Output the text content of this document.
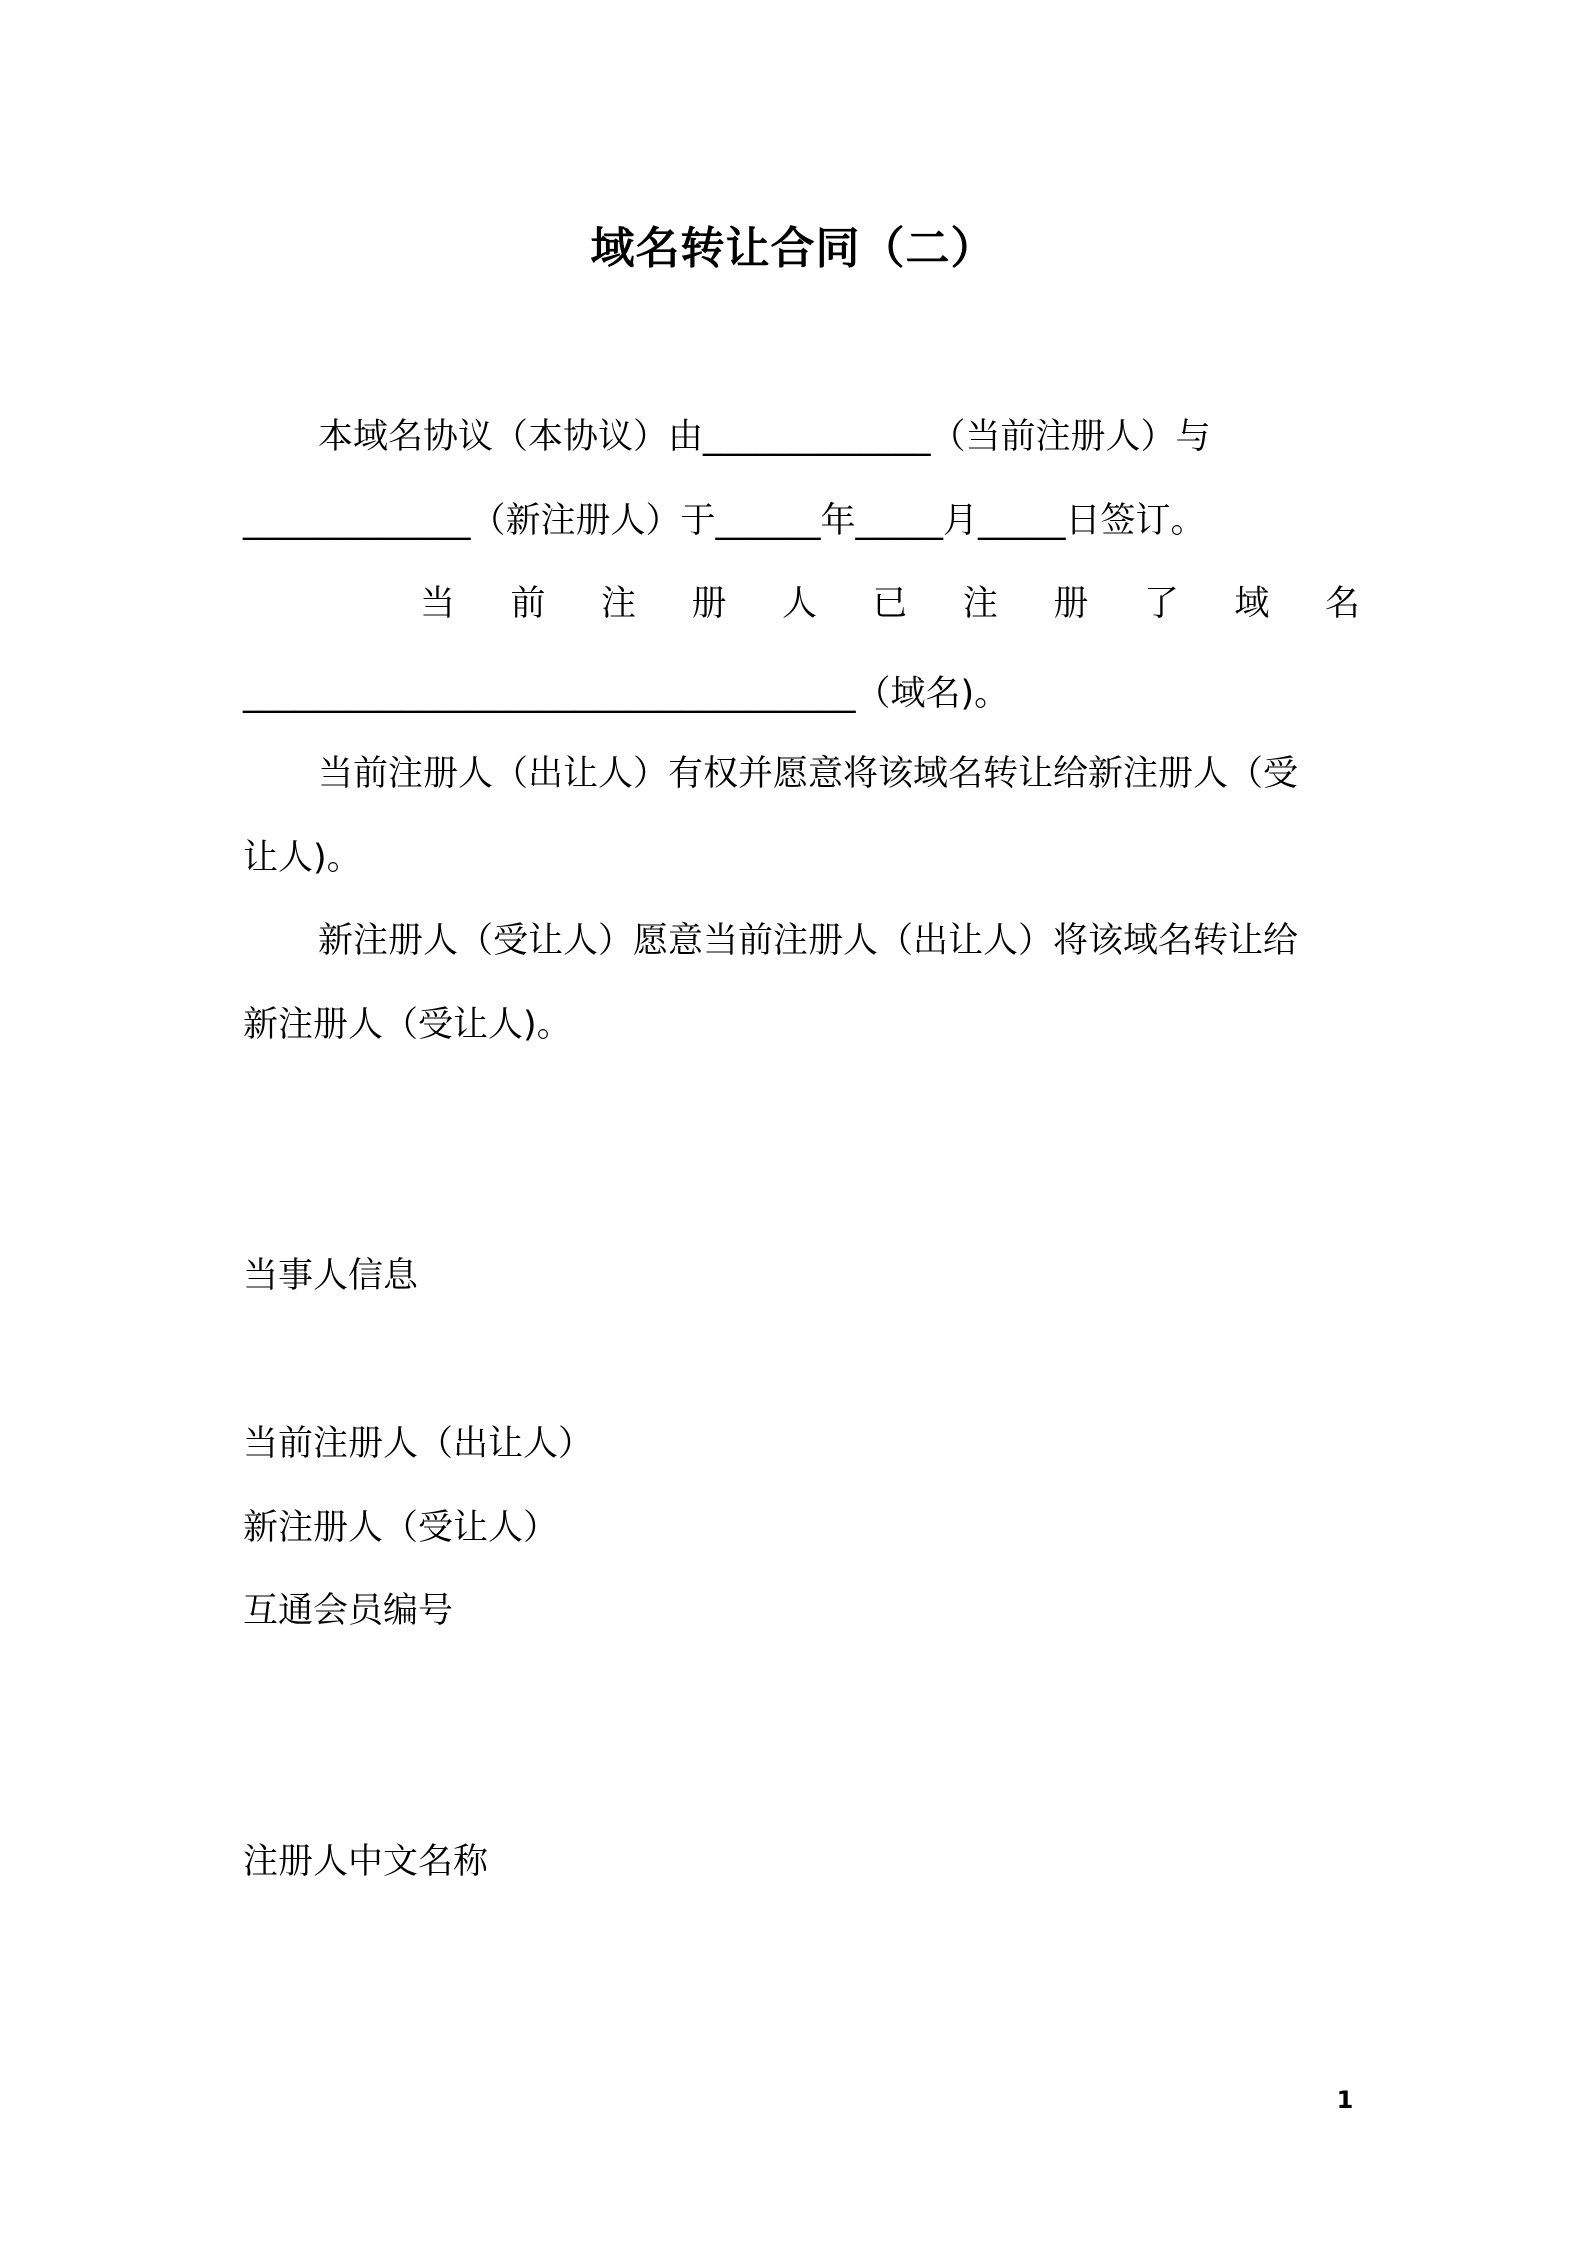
域名转让合同（二）
本域名协议（本协议）由_____________（当前注册人）与
_____________（新注册人）于______年_____月_____日签订。
当 前 注 册 人 已 注 册 了 域 名
___________________________________（域名)。
当前注册人（出让人）有权并愿意将该域名转让给新注册人（受
让人)。
新注册人（受让人）愿意当前注册人（出让人）将该域名转让给
新注册人（受让人)。
当事人信息
当前注册人（出让人）
新注册人（受让人）
互通会员编号
注册人中文名称
1
